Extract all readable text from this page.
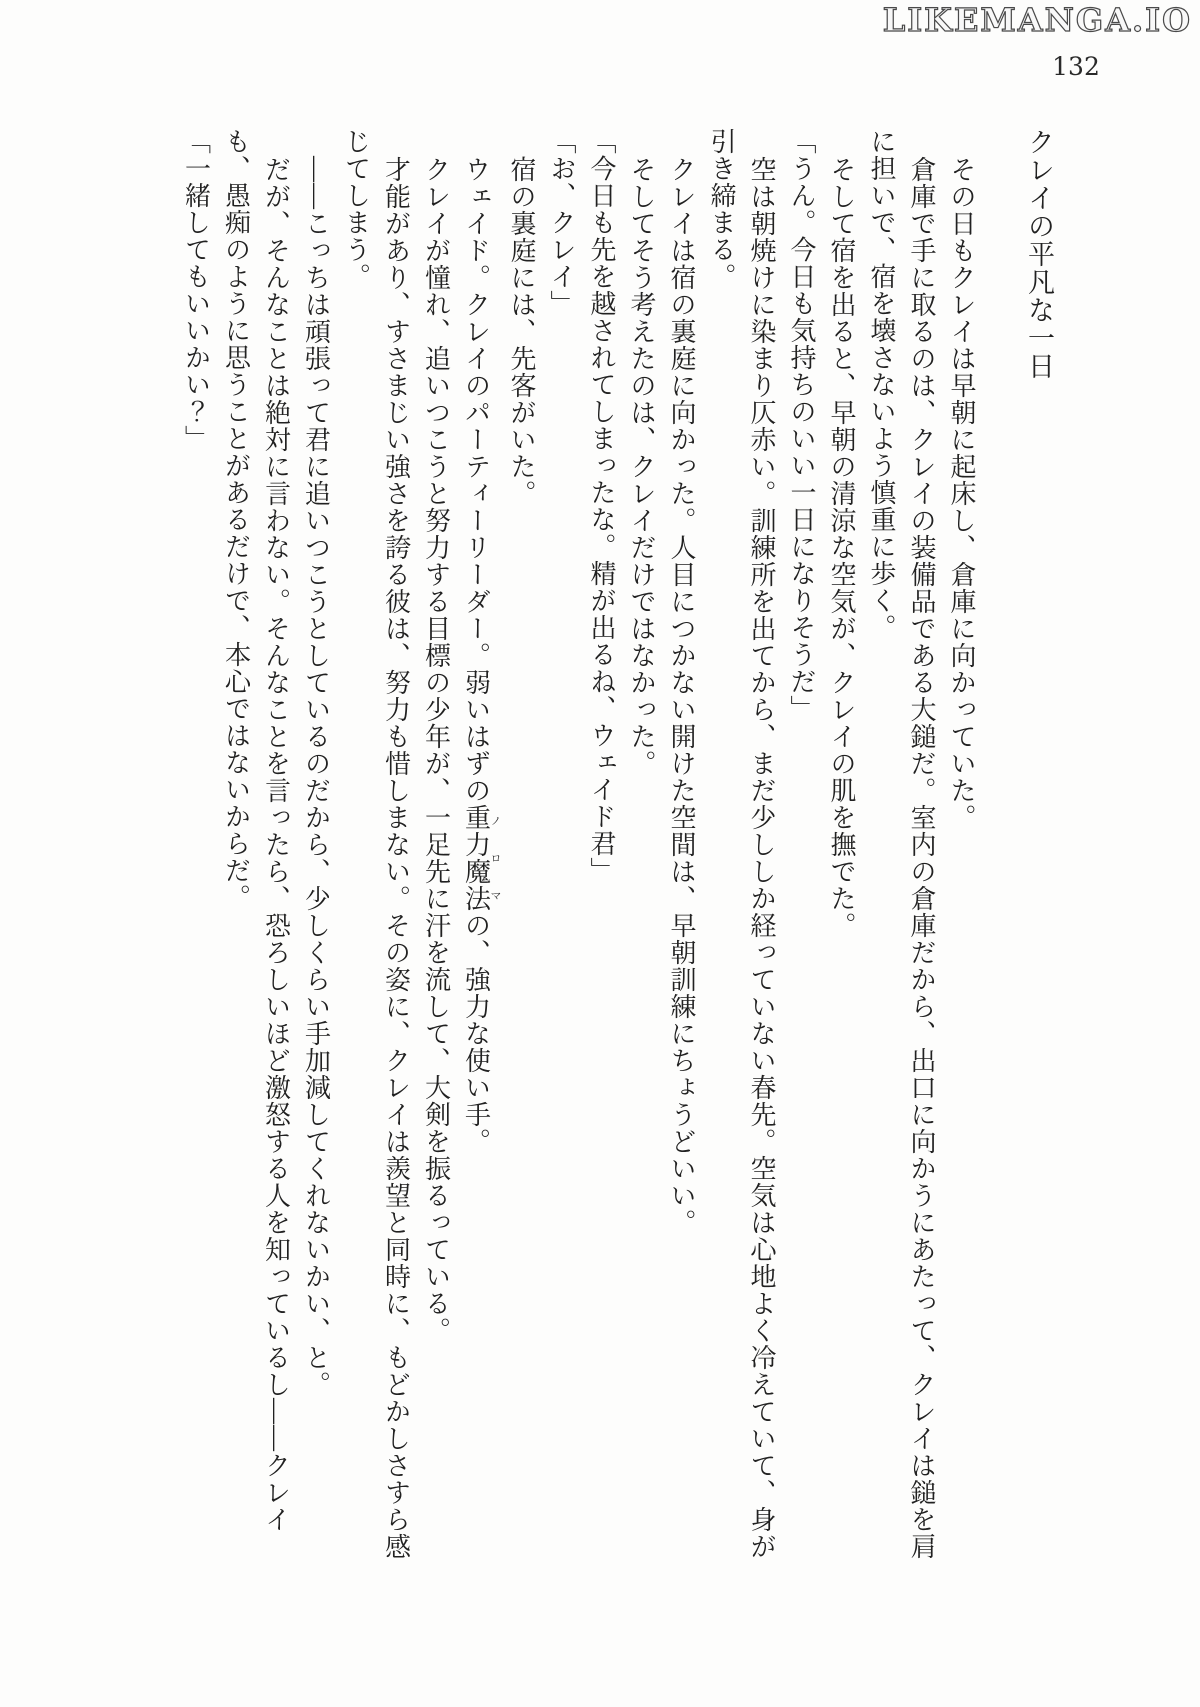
LIKEMANGA.IO
132
クレイの平凡な一日
その日もクレイは早朝に起床し、倉庫に向かっていた。
倉庫で手に取るのは、クレイの装備品である大鎚だ。室内の倉庫だから、出口に向かうにあたって、クレイは鎚を肩
に担いで、宿を壊さないよう慎重に歩く。
そして宿を出ると、早朝の清涼な空気が、クレイの肌を撫でた。
「うん。今日も気持ちのいい一日になりそうだ」
空は朝焼けに染まり仄赤い。訓練所を出てから、まだ少ししか経っていない春先。空気は心地よく冷えていて、身が
引き締まる。
クレイは宿の裏庭に向かった。人目につかない開けた空間は、早朝訓練にちょうどいい。
そしてそう考えたのは、クレイだけではなかった。
「今日も先を越されてしまったな。精が出るね、ウェイド君」
「お、クレイ」
宿の裏庭には、先客がいた。
ウェイド。クレイのパーティーリーダー。弱いはずの重力魔法ノロマの、強力な使い手。
クレイが憧れ、追いつこうと努力する目標の少年が、一足先に汗を流して、大剣を振るっている。
才能があり、すさまじい強さを誇る彼は、努力も惜しまない。その姿に、クレイは羨望と同時に、もどかしさすら感
じてしまう。
――こっちは頑張って君に追いつこうとしているのだから、少しくらい手加減してくれないかい、と。
だが、そんなことは絶対に言わない。そんなことを言ったら、恐ろしいほど激怒する人を知っているし――クレイ
も、愚痴のように思うことがあるだけで、本心ではないからだ。
「一緒してもいいかい？」
